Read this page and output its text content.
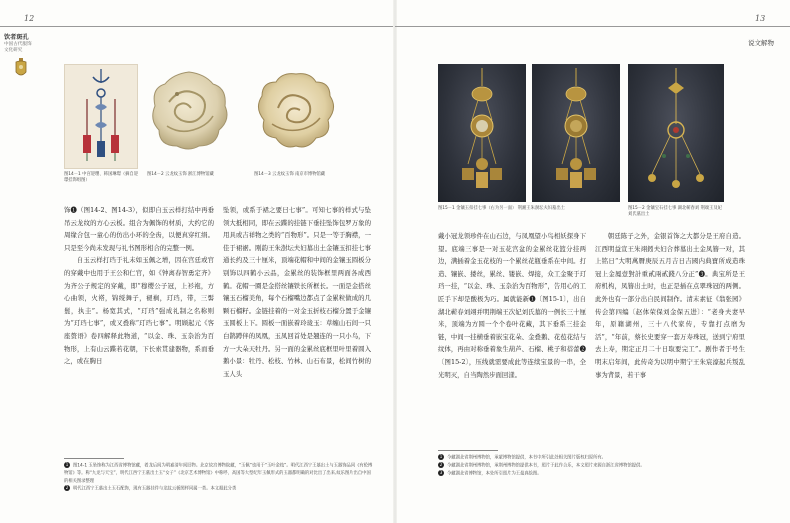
12
饮者斑孔
中国古代服饰
文化研究
图14－1 中宫迎璎、韩国琳璟（摘自迎璟挂饰组图）
图14－2 云龙纹玉饰 浙江博物馆藏	图14－3 云龙纹玉饰 南京市博物馆藏

饰❶（图14-2、图14-3），似即自玉云样打结中再垂吊云龙纹的方心云板。组合为佩饰的材质，大约它的周缘合包一童心的仿出小环的全齿，以便真穿红绢。只是至今尚未发现与礼书图形相合的完整一例。

自玉云样打珰于礼未如玉佩之增，因在宫廷或官的穿戴中也用于王公和仁官，如《钟离春智勇定齐》为齐公子规定的穿戴，即“穆缨公子冠，上衫袍，方心曲领，火褡，锦绶舞子，褪裥，玎珰，带，三髻鬟，执圭”。杨宽其式，“玎珰”强成礼制之名称则为“玎珰七事”，或又叠称“玎珰七事”。明顾起元《客座赘语》卷四解释此物道，“以金、珠、玉杂治为百物形，上有山云蹀若花朝，下长索贯建器物，系而垂之，或在胸日

坠领，或系于裙之要曰七事”。可知七事的样式与坠领大抵相同，即在云蹀的挂链下垂挂坠饰包罗万象的用具或吉祥物之类的“百物形”。只是一等于胸襟，一佳于裙裾。刚韵王朱澍坛夫妇墓出土金镶玉扣挂七事通长约及三十厘米，顶端花帽和中间的金镶玉圆板分别饰以四鹤小云品，金累丝的装饰框里两面各成西鹤。花帽一圈是金搭丝镶铁长所框长。一面是金搭丝镶玉石榴美角，每个石榴嘴边都点了金累粒做成的几颗石榴籽。金链挂着的一对金玉折枝石榴分置于金镶玉圆板上下。圆板一面嵌着玲珑玉：草缠山石间一只白鹊蹲伴的凤凰，玉凤回首处是翘连的一只小鸟，下方一大朵天牡丹。另一面的金累丝底框里叶里着圆入鹅小景：牡丹、松枝、竹林、山石布景，松间竹树的玉人头

1 图14-1 玉坠饰称为江西省博物馆藏，着龙后间为明嘉清年间旧物。北京故宫博物院藏，“玉佩”也用于“玉叶金枝”。明代江西宁王墓出土与玉器饰品同《有伦博物馆》等。称“九龙与天宝”，明代江西宁王墓出土玉“女子”《北京艺术博物馆》中称呼，高国等大型纪年玉佩形式的玉器都明确的对比出了出来,纹乐图片出自中国的相关图录整理
2 明代江西宁王墓出土玉石配饰，现有玉器挂件与龙纹云板图样同属一类。本文据此分类
13
说文解物
图15－1 金镶玉扣挂七事（右为另一面） 荆湘王朱澍坛夫妇墓出土	图15－2 金镶宝石挂七事 湖北蕲春刘 荆端王及妃刘氏墓出土

戴小冠龙领珍件在山石边，与凤凰望小鸟相妖探身下望。底端三事是一对玉花宫盆的金累丝花篮分挂两边，满插着金玉花枝的一个累丝花瓶垂系在中间。打造、镶嵌、搂丝，累丝、镂嵌、焊接，众工金聚于玎珰一挂，“以金、珠、玉杂治为百物形”，告用心的工匠手下却是酸极为巧。属就能新❶〔图15-1〕，出自湖北蕲春刘翊并明荆端王次妃刘氏墓的一例长三十厘米，顶端为方圆一个个卷叶花藏，其下垂系三挂金链，中间一挂横垂着嵌宝花朵、金叠鹅、花苞花结与纹体，再由对称垂着象生葫芦、石榴、桃子和蓓蕾❷〔图15-2〕，压线就需要成此等连续宝景的一串，全光明灭，自当陶然步面回漾。

朝廷陈子之外，金银首饰之大都分是王府自造。江西明益宣王朱翊鈏夫妇合葬墓出土金凤簪一对，其上铭日“大明萬曆庚辰五月吉日吉國内典寶所成造珠冠上金鳳壹對計重貳兩貳錢八分正”❸。典宝所是王府机构，凤簪出土时，也正是插在点翠珠冠的两侧。此外也有一部分出自民间制作。清末素征《翁张园》传会第四编〔赵体荣保刘金保五进〕：“老身夫妻早年，原籍湖州，三十八代家传，专靠打点磨为活”，“年前，蔡长史要穿一套万寿珠冠，送到宁府里去上寿，期定正月二十日取要完工”。剧作者于号生明末启年间，此传奇为以明中期宁王朱宸濠起兵叛乱事为背景，若干事

1 今藏湖北省荆州博物馆，承蒙博物馆提供，本书中所引此处相关图片版权归原所有。
2 今藏湖北省荆州博物馆，承荆州博物馆提供本书，照片于此作合乐，本文照片来源自浙江省博物馆提供。
3 今藏湖北省博物馆，本处所引照片为王曼真绘图。
